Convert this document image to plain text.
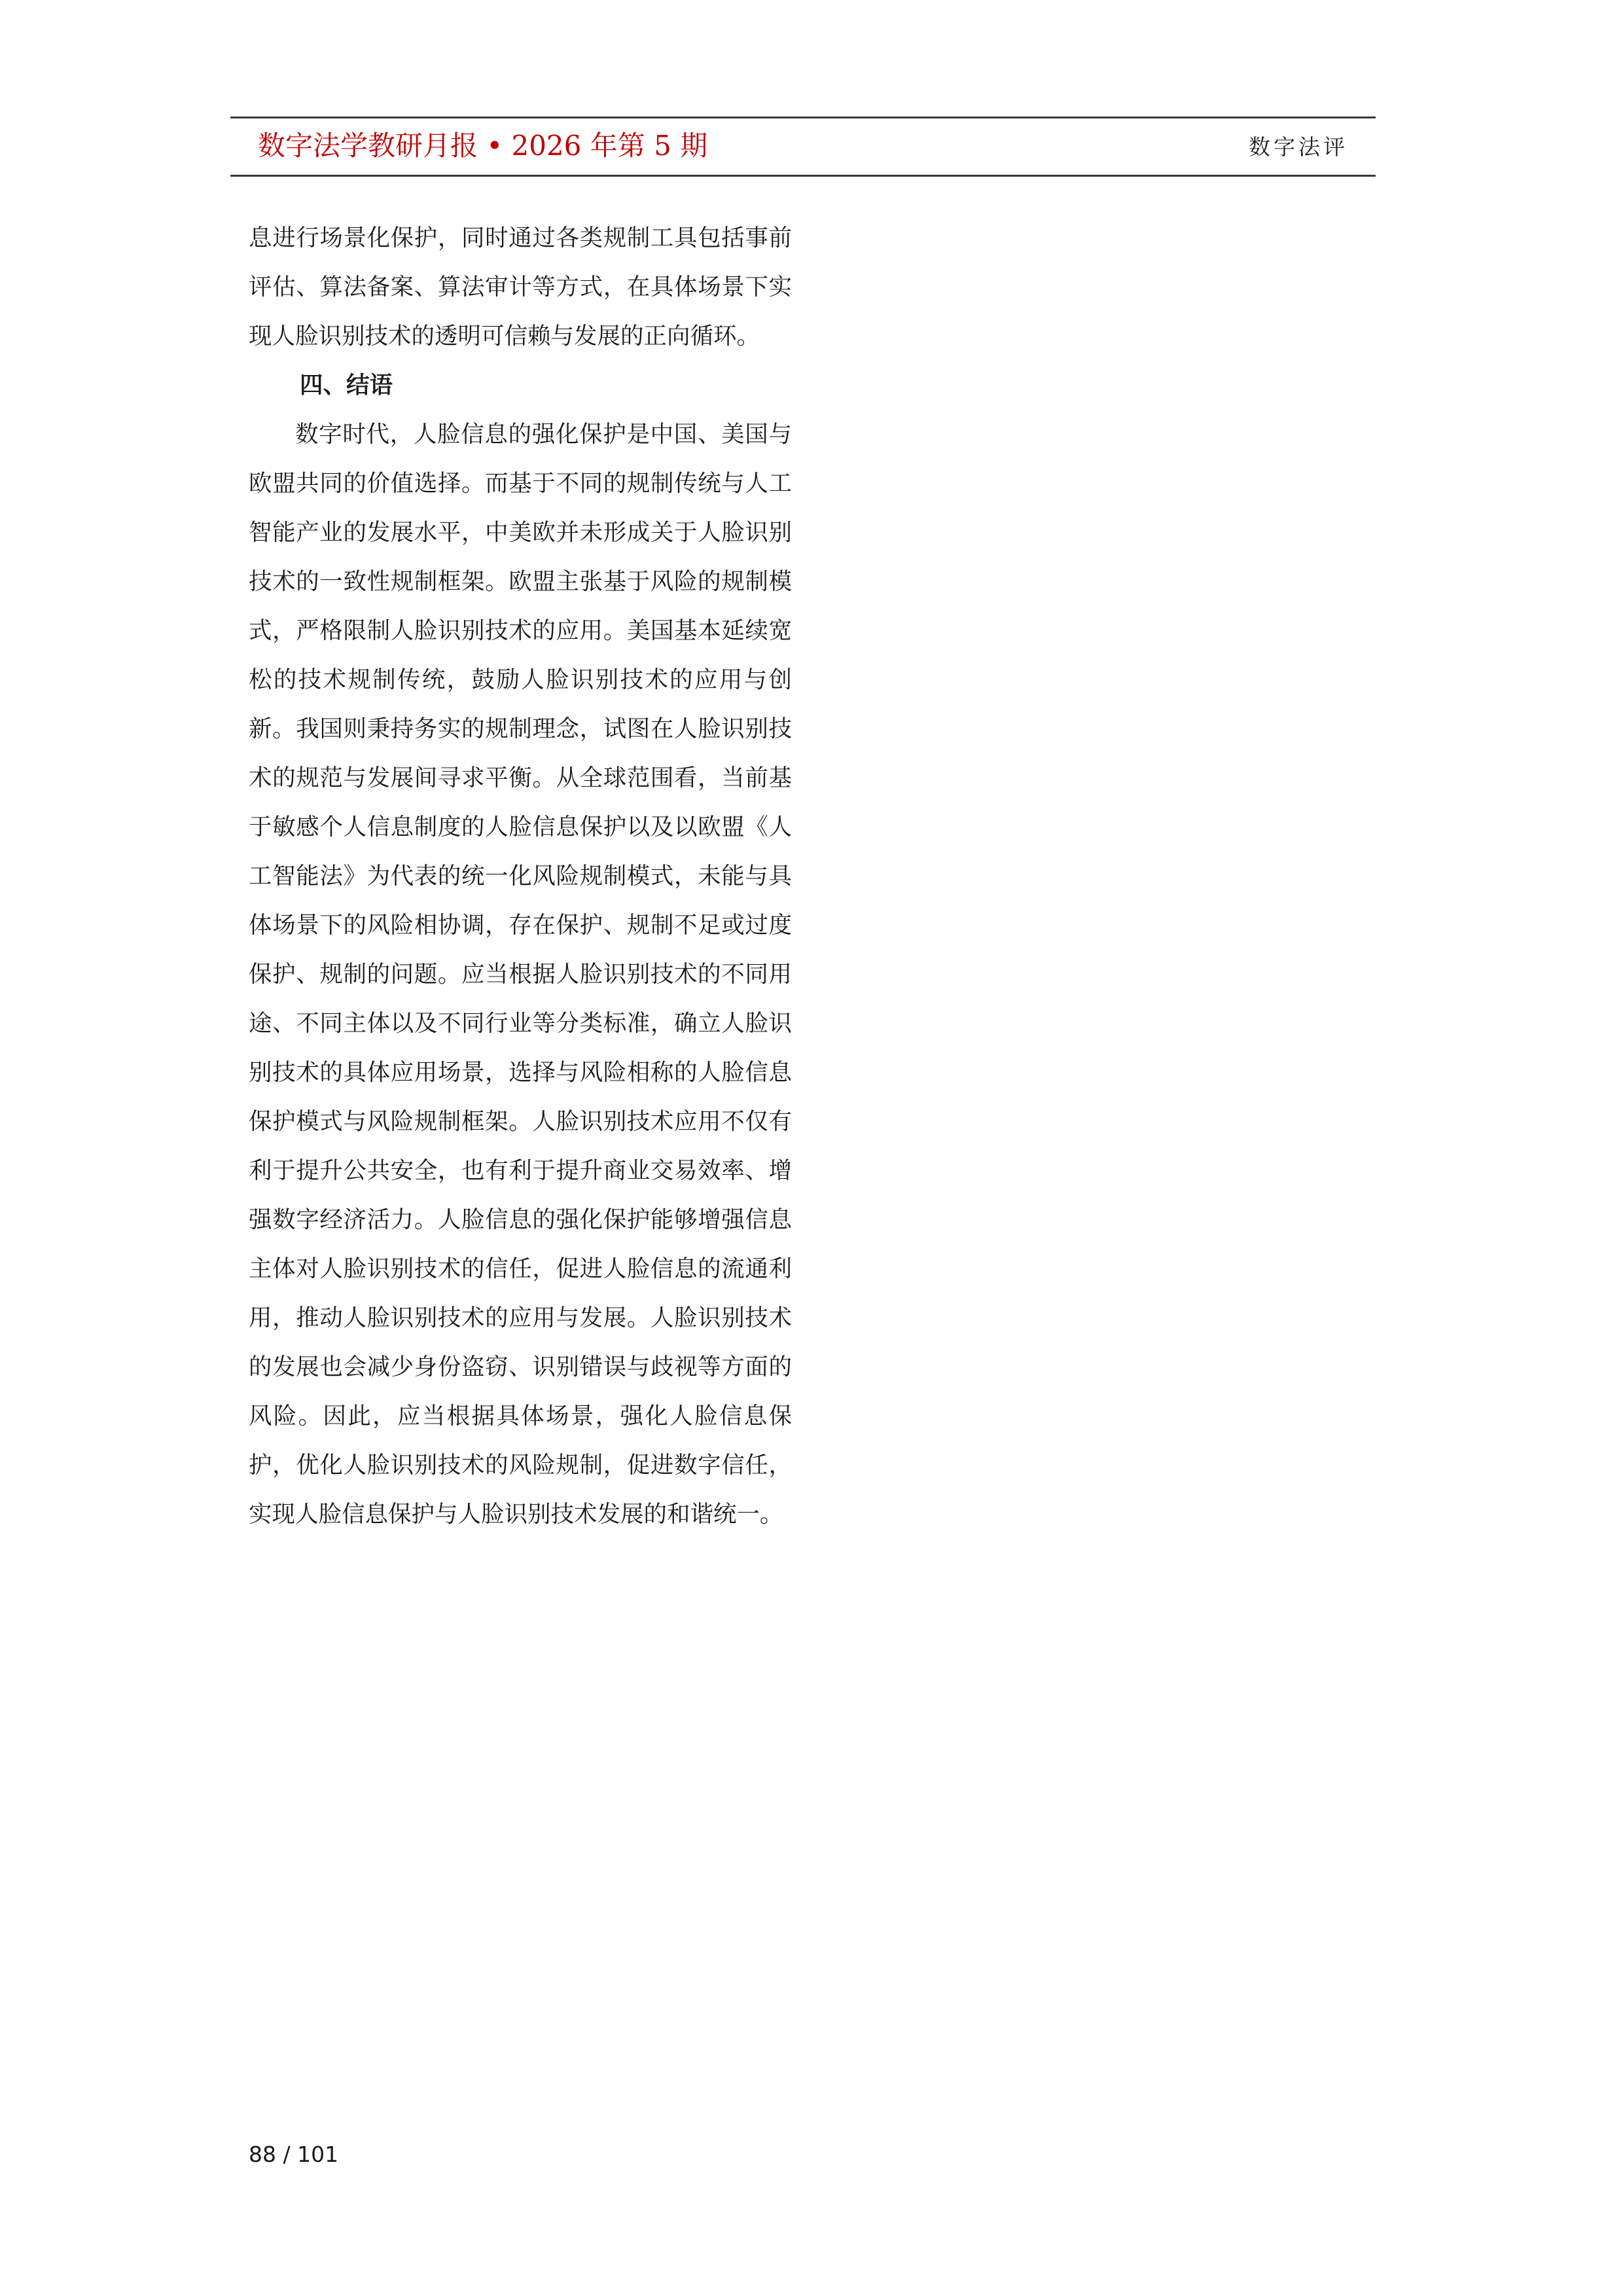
数字法学教研月报 • 2026 年第 5 期	数字法评

息进行场景化保护，同时通过各类规制工具包括事前评估、算法备案、算法审计等方式，在具体场景下实现人脸识别技术的透明可信赖与发展的正向循环。

四、结语

数字时代，人脸信息的强化保护是中国、美国与欧盟共同的价值选择。而基于不同的规制传统与人工智能产业的发展水平，中美欧并未形成关于人脸识别技术的一致性规制框架。欧盟主张基于风险的规制模式，严格限制人脸识别技术的应用。美国基本延续宽松的技术规制传统，鼓励人脸识别技术的应用与创新。我国则秉持务实的规制理念，试图在人脸识别技术的规范与发展间寻求平衡。从全球范围看，当前基于敏感个人信息制度的人脸信息保护以及以欧盟《人工智能法》为代表的统一化风险规制模式，未能与具体场景下的风险相协调，存在保护、规制不足或过度保护、规制的问题。应当根据人脸识别技术的不同用途、不同主体以及不同行业等分类标准，确立人脸识别技术的具体应用场景，选择与风险相称的人脸信息保护模式与风险规制框架。人脸识别技术应用不仅有利于提升公共安全，也有利于提升商业交易效率、增强数字经济活力。人脸信息的强化保护能够增强信息主体对人脸识别技术的信任，促进人脸信息的流通利用，推动人脸识别技术的应用与发展。人脸识别技术的发展也会减少身份盗窃、识别错误与歧视等方面的风险。因此，应当根据具体场景，强化人脸信息保护，优化人脸识别技术的风险规制，促进数字信任，实现人脸信息保护与人脸识别技术发展的和谐统一。

88 / 101
